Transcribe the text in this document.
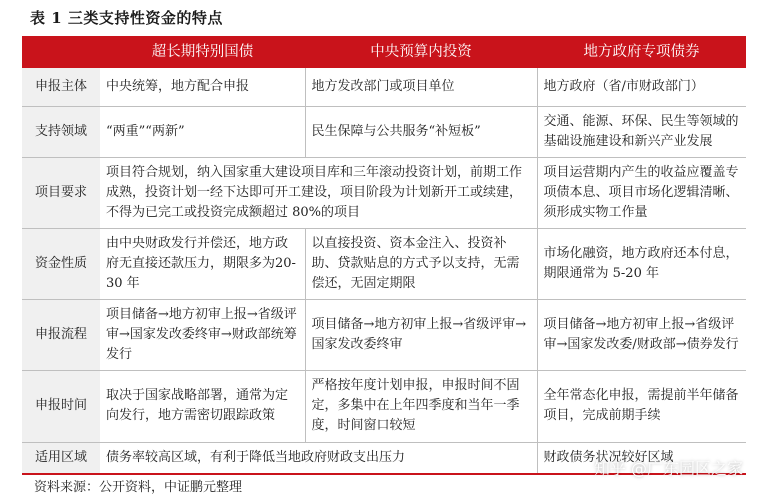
表 1 三类支持性资金的特点
	超长期特别国债	中央预算内投资	地方政府专项债券
申报主体	中央统筹，地方配合申报	地方发改部门或项目单位	地方政府（省/市财政部门）
支持领域	“两重”“两新”	民生保障与公共服务“补短板”	交通、能源、环保、民生等领域的基础设施建设和新兴产业发展
项目要求	项目符合规划，纳入国家重大建设项目库和三年滚动投资计划，前期工作成熟，投资计划一经下达即可开工建设，项目阶段为计划新开工或续建，不得为已完工或投资完成额超过 80%的项目		项目运营期内产生的收益应覆盖专项债本息、项目市场化逻辑清晰、须形成实物工作量
资金性质	由中央财政发行并偿还，地方政府无直接还款压力，期限多为20-30 年	以直接投资、资本金注入、投资补助、贷款贴息的方式予以支持，无需偿还，无固定期限	市场化融资，地方政府还本付息，期限通常为 5-20 年
申报流程	项目储备→地方初审上报→省级评审→国家发改委终审→财政部统筹发行	项目储备→地方初审上报→省级评审→国家发改委终审	项目储备→地方初审上报→省级评审→国家发改委/财政部→债券发行
申报时间	取决于国家战略部署，通常为定向发行，地方需密切跟踪政策	严格按年度计划申报，申报时间不固定，多集中在上年四季度和当年一季度，时间窗口较短	全年常态化申报，需提前半年储备项目，完成前期手续
适用区域	债务率较高区域，有利于降低当地政府财政支出压力		财政债务状况较好区域
资料来源：公开资料，中证鹏元整理
知乎 @广东园区之家
